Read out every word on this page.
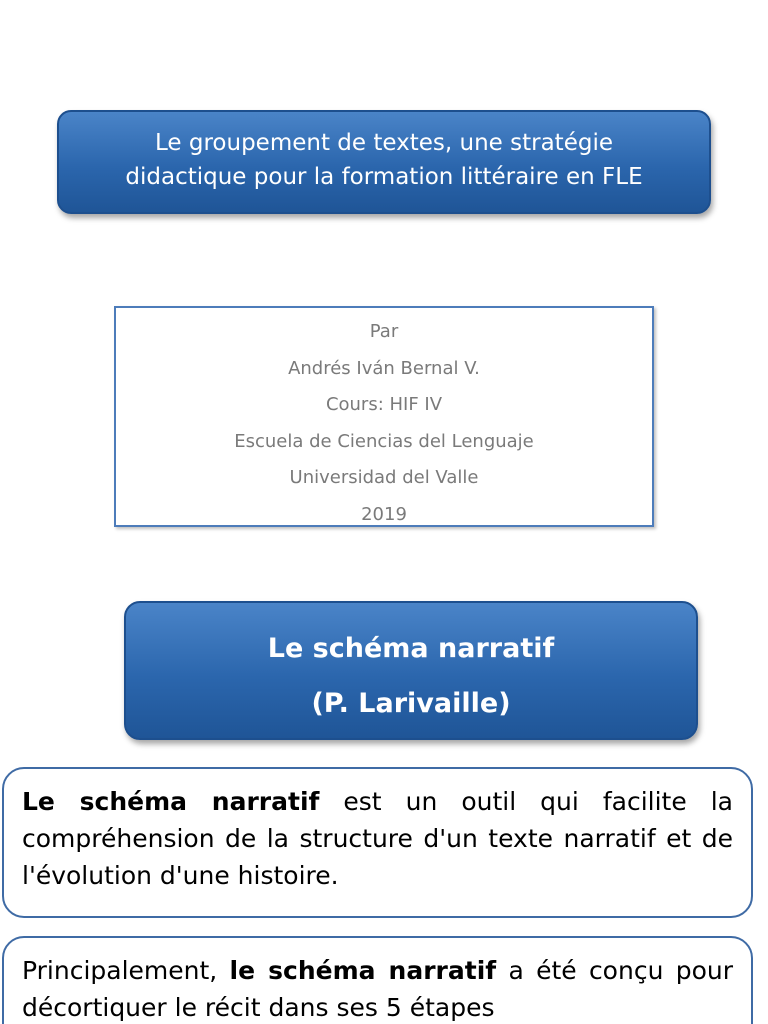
Le groupement de textes, une stratégie
didactique pour la formation littéraire en FLE
Par
Andrés Iván Bernal V.
Cours: HIF IV
Escuela de Ciencias del Lenguaje
Universidad del Valle
2019
Le schéma narratif
(P. Larivaille)
Le schéma narratif est un outil qui facilite la compréhension de la structure d'un texte narratif et de l'évolution d'une histoire.
Principalement, le schéma narratif a été conçu pour décortiquer le récit dans ses 5 étapes
